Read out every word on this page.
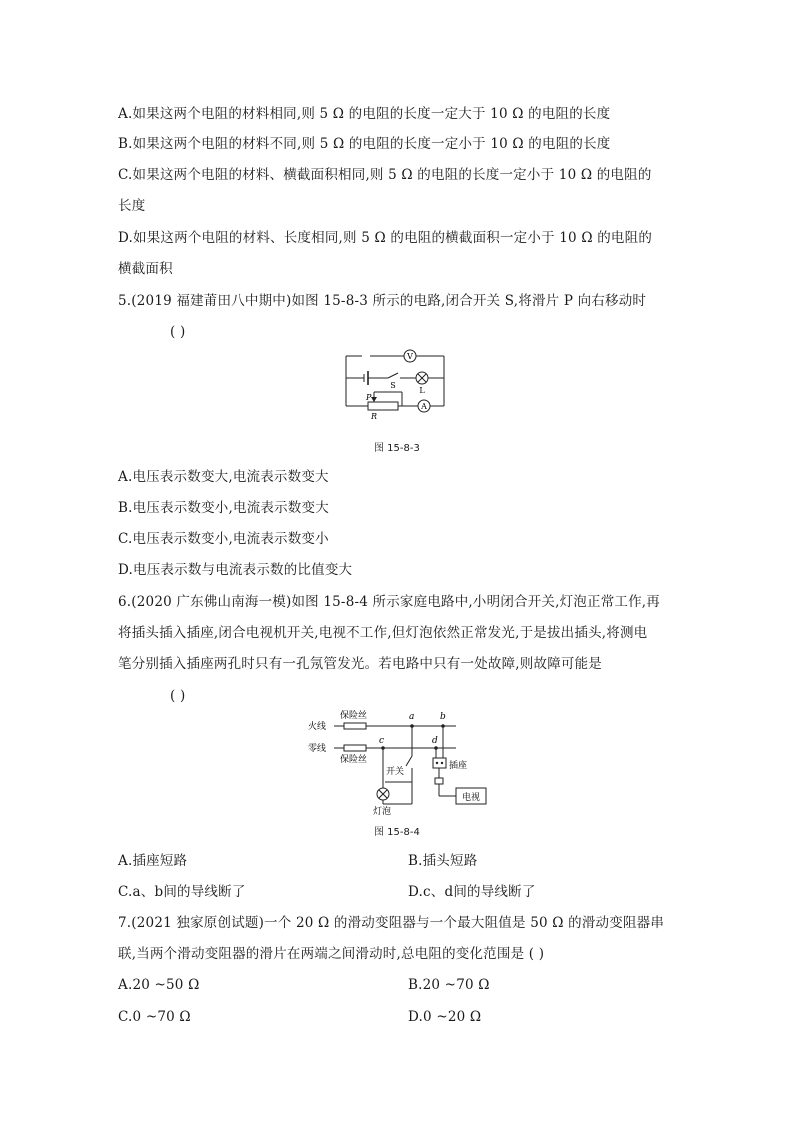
A.如果这两个电阻的材料相同,则 5 Ω 的电阻的长度一定大于 10 Ω 的电阻的长度
B.如果这两个电阻的材料不同,则 5 Ω 的电阻的长度一定小于 10 Ω 的电阻的长度
C.如果这两个电阻的材料、横截面积相同,则 5 Ω 的电阻的长度一定小于 10 Ω 的电阻的
长度
D.如果这两个电阻的材料、长度相同,则 5 Ω 的电阻的横截面积一定小于 10 Ω 的电阻的
横截面积
5.(2019 福建莆田八中期中)如图 15-8-3 所示的电路,闭合开关 S,将滑片 P 向右移动时
( )
V
A
S
L
P
R
图 15-8-3
A.电压表示数变大,电流表示数变大
B.电压表示数变小,电流表示数变大
C.电压表示数变小,电流表示数变小
D.电压表示数与电流表示数的比值变大
6.(2020 广东佛山南海一模)如图 15-8-4 所示家庭电路中,小明闭合开关,灯泡正常工作,再
将插头插入插座,闭合电视机开关,电视不工作,但灯泡依然正常发光,于是拔出插头,将测电
笔分别插入插座两孔时只有一孔氖管发光。若电路中只有一处故障,则故障可能是
( )
火线
零线
保险丝
保险丝
a	b
c	d
开关
插座
电视
灯泡
图 15-8-4
A.插座短路	B.插头短路
C.a、b间的导线断了	D.c、d间的导线断了
7.(2021 独家原创试题)一个 20 Ω 的滑动变阻器与一个最大阻值是 50 Ω 的滑动变阻器串
联,当两个滑动变阻器的滑片在两端之间滑动时,总电阻的变化范围是 ( )
A.20 ~50 Ω	B.20 ~70 Ω
C.0 ~70 Ω	D.0 ~20 Ω
